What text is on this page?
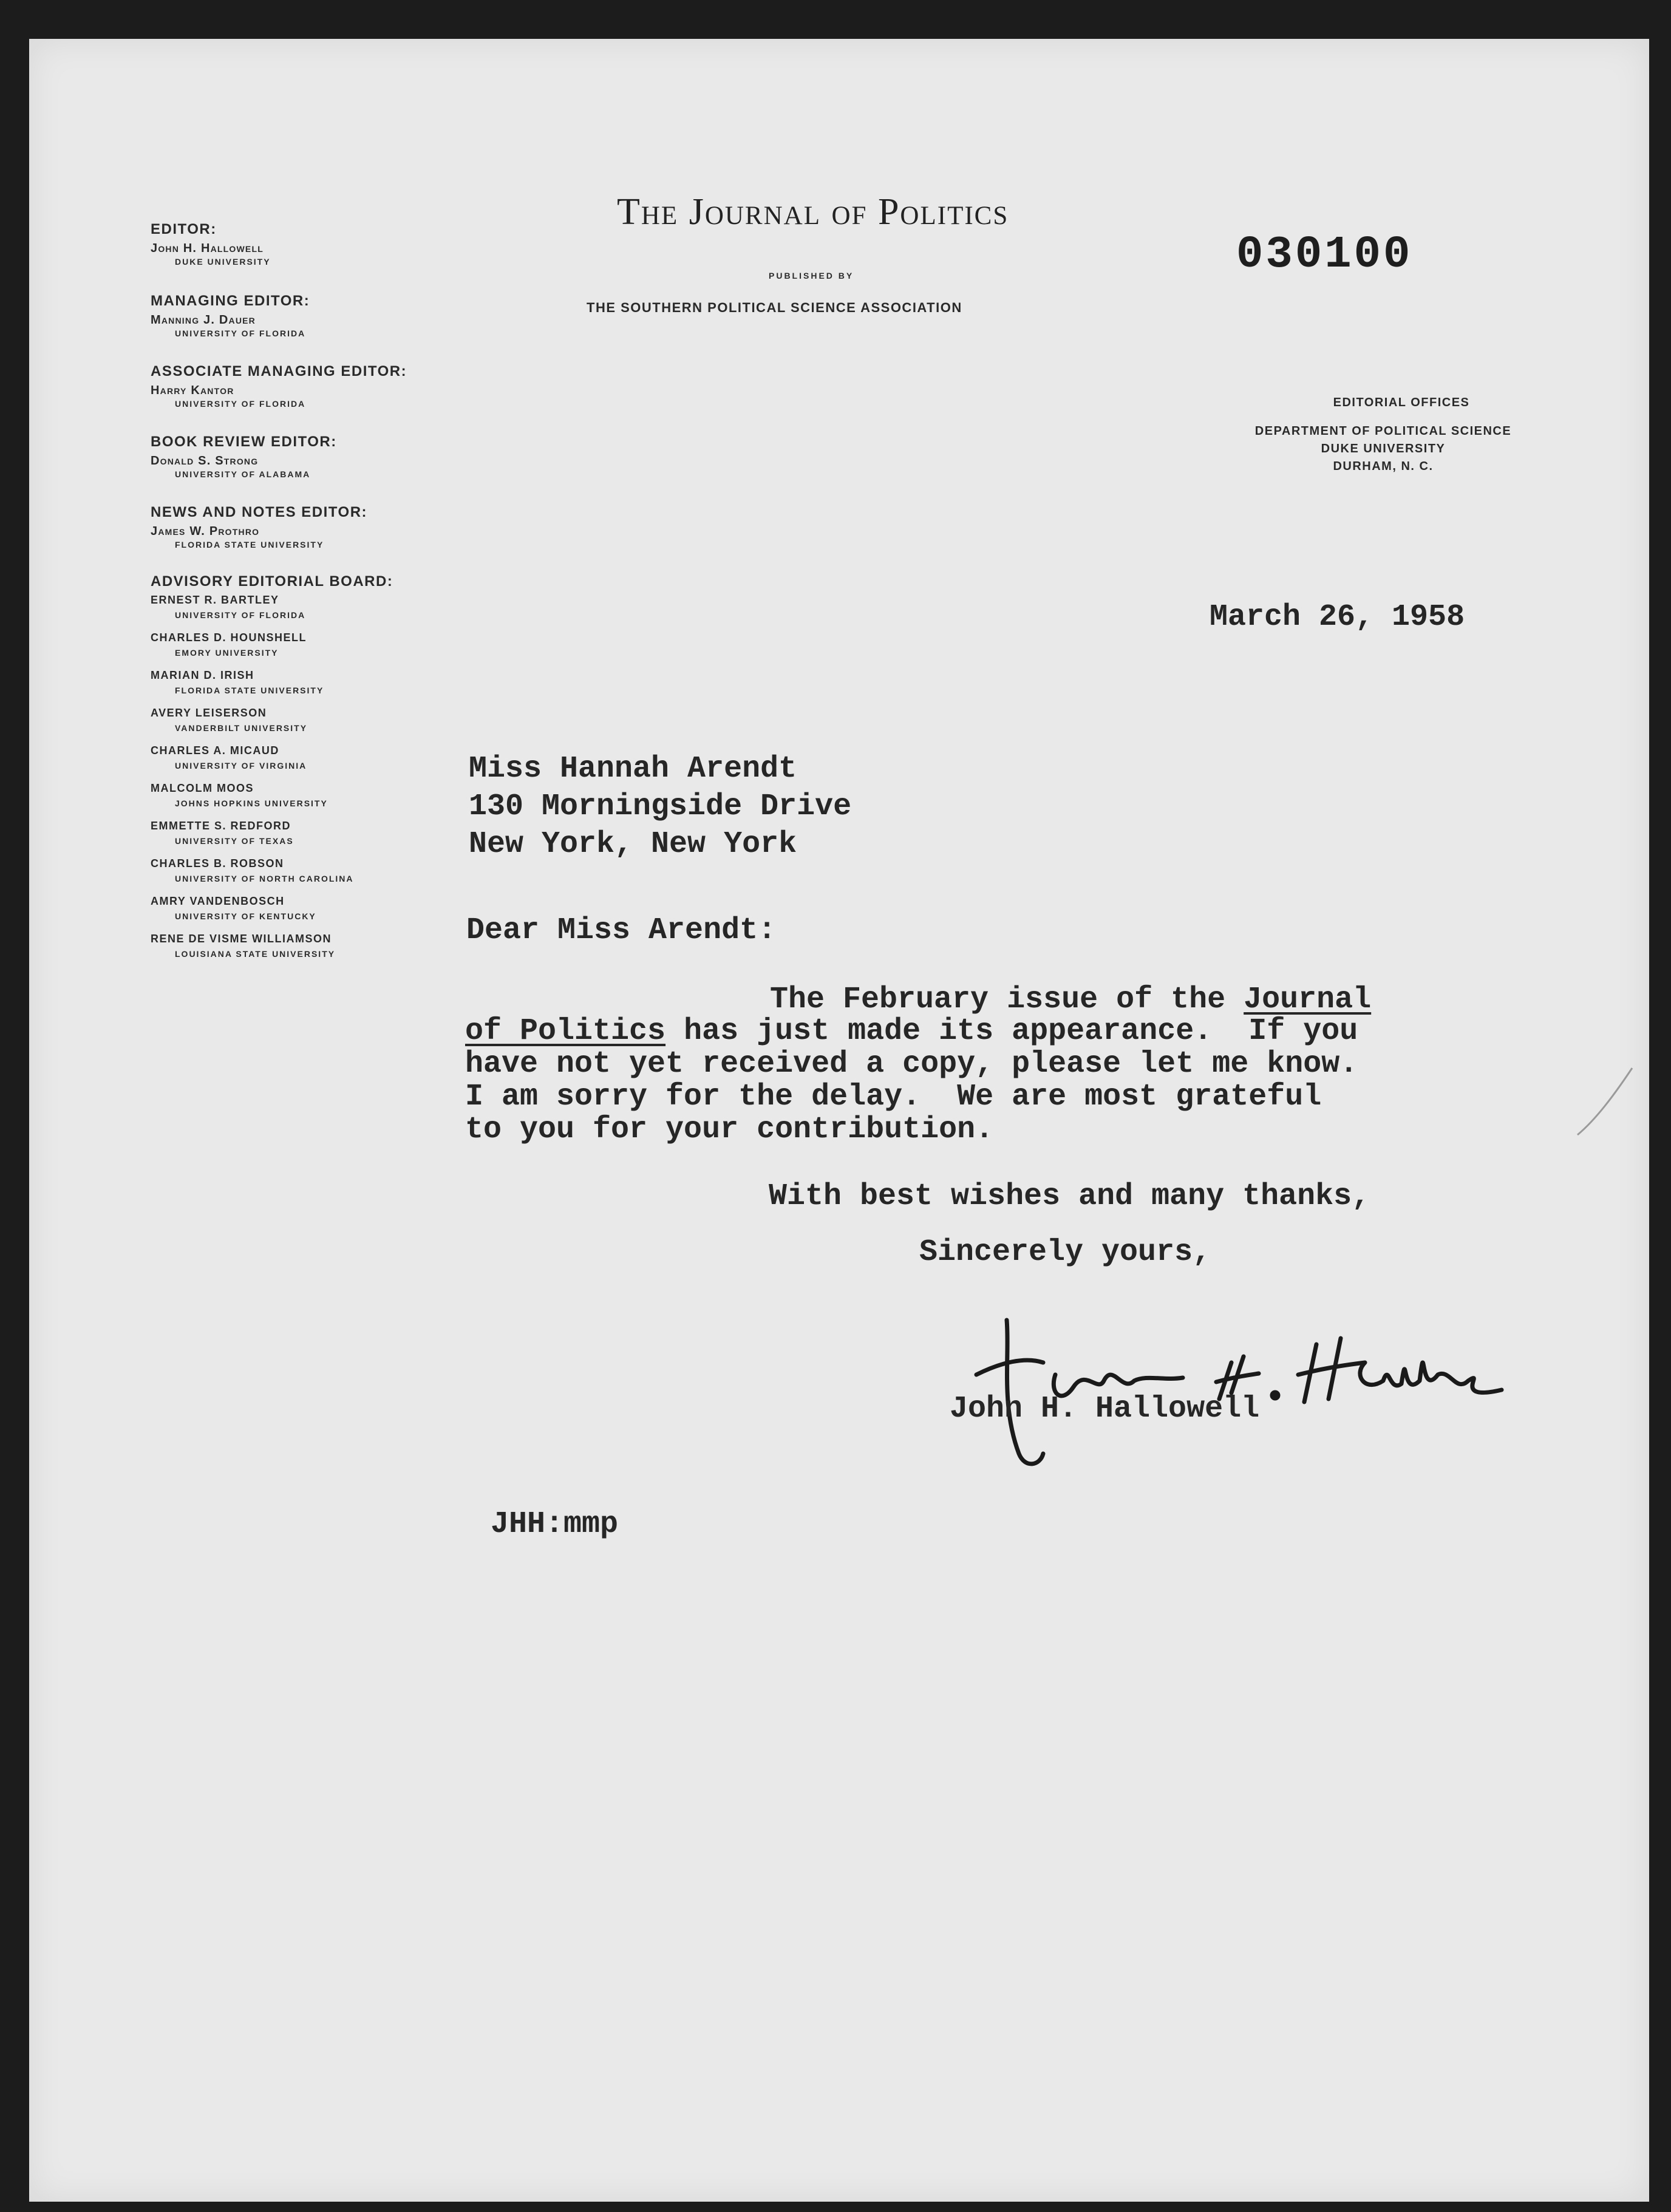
The Journal of Politics
PUBLISHED BY
THE SOUTHERN POLITICAL SCIENCE ASSOCIATION
030100
EDITORIAL OFFICES
DEPARTMENT OF POLITICAL SCIENCE
DUKE UNIVERSITY
DURHAM, N. C.
EDITOR:
John H. Hallowell
DUKE UNIVERSITY
MANAGING EDITOR:
Manning J. Dauer
UNIVERSITY OF FLORIDA
ASSOCIATE MANAGING EDITOR:
Harry Kantor
UNIVERSITY OF FLORIDA
BOOK REVIEW EDITOR:
Donald S. Strong
UNIVERSITY OF ALABAMA
NEWS AND NOTES EDITOR:
James W. Prothro
FLORIDA STATE UNIVERSITY
ADVISORY EDITORIAL BOARD:
ERNEST R. BARTLEY
UNIVERSITY OF FLORIDA
CHARLES D. HOUNSHELL
EMORY UNIVERSITY
MARIAN D. IRISH
FLORIDA STATE UNIVERSITY
AVERY LEISERSON
VANDERBILT UNIVERSITY
CHARLES A. MICAUD
UNIVERSITY OF VIRGINIA
MALCOLM MOOS
JOHNS HOPKINS UNIVERSITY
EMMETTE S. REDFORD
UNIVERSITY OF TEXAS
CHARLES B. ROBSON
UNIVERSITY OF NORTH CAROLINA
AMRY VANDENBOSCH
UNIVERSITY OF KENTUCKY
RENE DE VISME WILLIAMSON
LOUISIANA STATE UNIVERSITY
March 26, 1958
Miss Hannah Arendt
130 Morningside Drive
New York, New York
Dear Miss Arendt:
The February issue of the Journal
of Politics has just made its appearance.  If you
have not yet received a copy, please let me know.
I am sorry for the delay.  We are most grateful
to you for your contribution.
With best wishes and many thanks,
Sincerely yours,
John H. Hallowell
JHH:mmp
